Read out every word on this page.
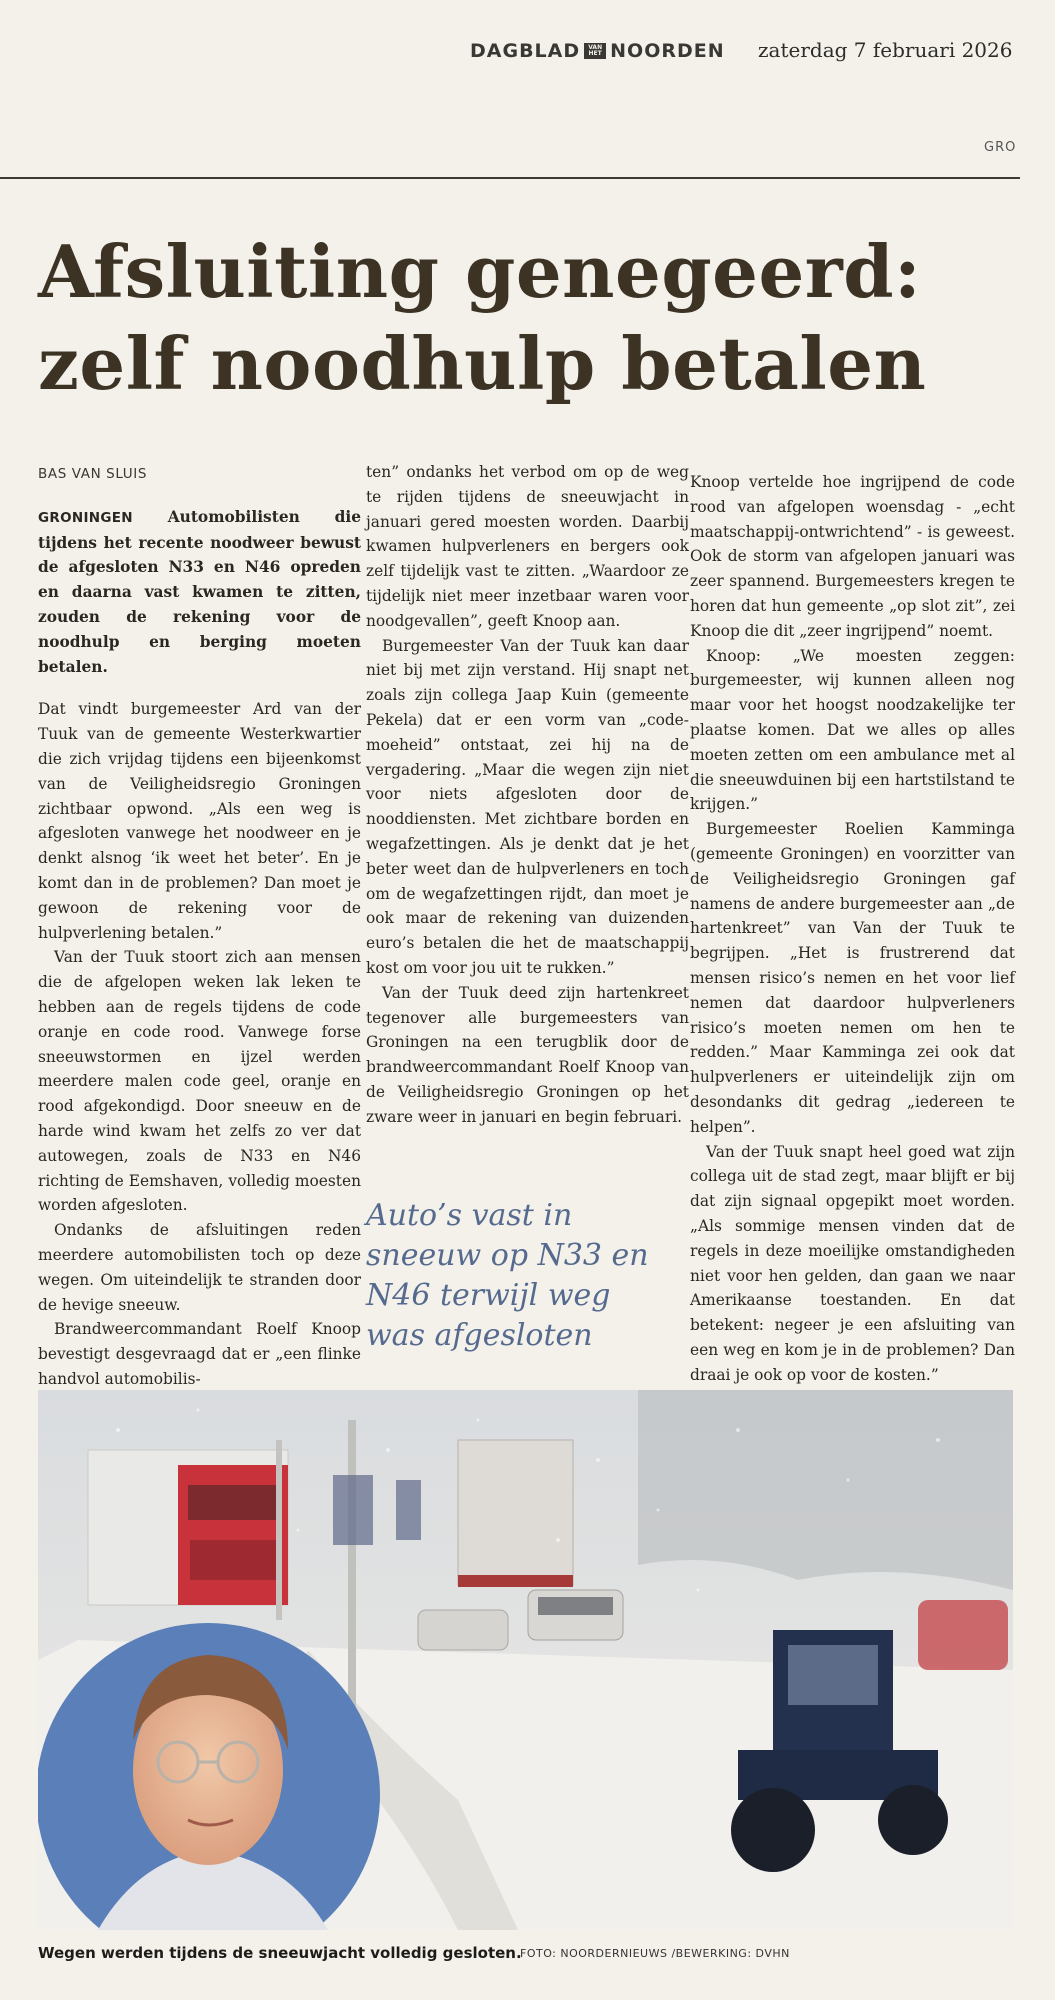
DAGBLAD	VAN HET NOORDEN zaterdag 7 februari 2026
GRO
Afsluiting genegeerd:
zelf noodhulp betalen
BAS VAN SLUIS

GRONINGEN Automobilisten die tijdens het recente noodweer bewust de afgesloten N33 en N46 opreden en daarna vast kwamen te zitten, zouden de rekening voor de noodhulp en berging moeten betalen.

Dat vindt burgemeester Ard van der Tuuk van de gemeente Westerkwartier die zich vrijdag tijdens een bijeenkomst van de Veiligheidsregio Groningen zichtbaar opwond. „Als een weg is afgesloten vanwege het noodweer en je denkt alsnog ‘ik weet het beter’. En je komt dan in de problemen? Dan moet je gewoon de rekening voor de hulpverlening betalen.”

Van der Tuuk stoort zich aan mensen die de afgelopen weken lak leken te hebben aan de regels tijdens de code oranje en code rood. Vanwege forse sneeuwstormen en ijzel werden meerdere malen code geel, oranje en rood afgekondigd. Door sneeuw en de harde wind kwam het zelfs zo ver dat autowegen, zoals de N33 en N46 richting de Eemshaven, volledig moesten worden afgesloten.

Ondanks de afsluitingen reden meerdere automobilisten toch op deze wegen. Om uiteindelijk te stranden door de hevige sneeuw.

Brandweercommandant Roelf Knoop bevestigt desgevraagd dat er „een flinke handvol automobilis-

ten” ondanks het verbod om op de weg te rijden tijdens de sneeuwjacht in januari gered moesten worden. Daarbij kwamen hulpverleners en bergers ook zelf tijdelijk vast te zitten. „Waardoor ze tijdelijk niet meer inzetbaar waren voor noodgevallen”, geeft Knoop aan.

Burgemeester Van der Tuuk kan daar niet bij met zijn verstand. Hij snapt net zoals zijn collega Jaap Kuin (gemeente Pekela) dat er een vorm van „code-moeheid” ontstaat, zei hij na de vergadering. „Maar die wegen zijn niet voor niets afgesloten door de nooddiensten. Met zichtbare borden en wegafzettingen. Als je denkt dat je het beter weet dan de hulpverleners en toch om de wegafzettingen rijdt, dan moet je ook maar de rekening van duizenden euro’s betalen die het de maatschappij kost om voor jou uit te rukken.”

Van der Tuuk deed zijn hartenkreet tegenover alle burgemeesters van Groningen na een terugblik door de brandweercommandant Roelf Knoop van de Veiligheidsregio Groningen op het zware weer in januari en begin februari.

Knoop vertelde hoe ingrijpend de code rood van afgelopen woensdag - „echt maatschappij-ontwrichtend” - is geweest. Ook de storm van afgelopen januari was zeer spannend. Burgemeesters kregen te horen dat hun gemeente „op slot zit”, zei Knoop die dit „zeer ingrijpend” noemt.

Knoop: „We moesten zeggen: burgemeester, wij kunnen alleen nog maar voor het hoogst noodzakelijke ter plaatse komen. Dat we alles op alles moeten zetten om een ambulance met al die sneeuwduinen bij een hartstilstand te krijgen.”

Burgemeester Roelien Kamminga (gemeente Groningen) en voorzitter van de Veiligheidsregio Groningen gaf namens de andere burgemeester aan „de hartenkreet” van Van der Tuuk te begrijpen. „Het is frustrerend dat mensen risico’s nemen en het voor lief nemen dat daardoor hulpverleners risico’s moeten nemen om hen te redden.” Maar Kamminga zei ook dat hulpverleners er uiteindelijk zijn om desondanks dit gedrag „iedereen te helpen”.

Van der Tuuk snapt heel goed wat zijn collega uit de stad zegt, maar blijft er bij dat zijn signaal opgepikt moet worden. „Als sommige mensen vinden dat de regels in deze moeilijke omstandigheden niet voor hen gelden, dan gaan we naar Amerikaanse toestanden. En dat betekent: negeer je een afsluiting van een weg en kom je in de problemen? Dan draai je ook op voor de kosten.”

Auto’s vast in sneeuw op N33 en N46 terwijl weg was afgesloten
Wegen werden tijdens de sneeuwjacht volledig gesloten.
FOTO: NOORDERNIEUWS /BEWERKING: DVHN
